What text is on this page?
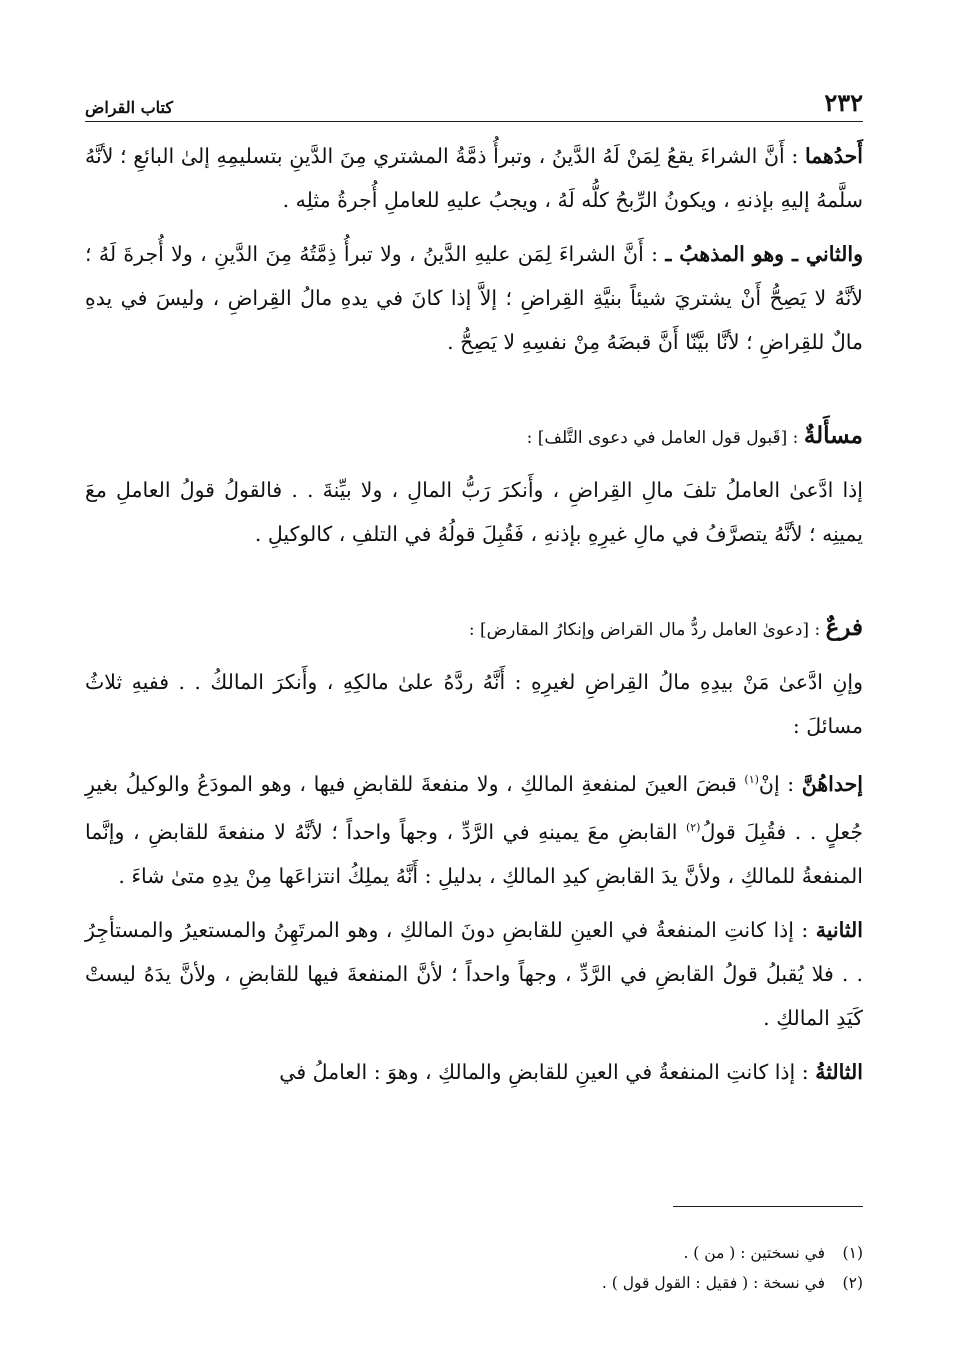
٢٣٢
كتاب القراض

أَحدُهما : أَنَّ الشراءَ يقعُ لِمَنْ لَهُ الدَّينُ ، وتبرأُ ذمَّةُ المشتري مِنَ الدَّينِ بتسليمِهِ إلىٰ البائعِ ؛ لأنَّهُ سلَّمهُ إليهِ بإذنهِ ، ويكونُ الرِّبحُ كلُّه لَهُ ، ويجبُ عليهِ للعاملِ أُجرةُ مثلِه .

والثاني ـ وهو المذهبُ ـ : أَنَّ الشراءَ لِمَن عليهِ الدَّينُ ، ولا تبرأُ ذِمَّتُهُ مِنَ الدَّينِ ، ولا أُجرةَ لَهُ ؛ لأنَّهُ لا يَصِحُّ أَنْ يشتريَ شيئاً بنيَّةِ القِراضِ ؛ إلاَّ إذا كانَ في يدهِ مالُ القِراضِ ، وليسَ في يدهِ مالٌ للقِراضِ ؛ لأنَّا بيَّنّا أَنَّ قبضَهُ مِنْ نفسِهِ لا يَصِحُّ .

مسأَلةٌ : [قَبول قول العامل في دعوى التَّلف] :

إذا ادَّعىٰ العاملُ تلفَ مالِ القِراضِ ، وأَنكرَ رَبُّ المالِ ، ولا بيِّنةَ . . فالقولُ قولُ العاملِ معَ يمينِه ؛ لأنَّهُ يتصرَّفُ في مالِ غيرِهِ بإذنهِ ، فَقُبِلَ قولُهُ في التلفِ ، كالوكيلِ .

فرعٌ : [دعوىٰ العامل ردُّ مال القراض وإنكارُ المقارض] :

وإنِ ادَّعىٰ مَنْ بيدِهِ مالُ القِراضِ لغيرِهِ : أَنَّهُ ردَّهُ علىٰ مالكِهِ ، وأَنكرَ المالكُ . . ففيهِ ثلاثُ مسائلَ :

إحداهُنَّ : إنْ$^{(١)}$ قبضَ العينَ لمنفعةِ المالكِ ، ولا منفعةَ للقابضِ فيها ، وهو المودَعُ والوكيلُ بغيرِ جُعلٍ . . فقُبِلَ قولُ$^{(٢)}$ القابضِ معَ يمينهِ في الرَّدِّ ، وجهاً واحداً ؛ لأنَّهُ لا منفعةَ للقابضِ ، وإنَّما المنفعةُ للمالكِ ، ولأنَّ يدَ القابضِ كيدِ المالكِ ، بدليلِ : أَنَّهُ يملِكُ انتزاعَها مِنْ يدِهِ متىٰ شاءَ .

الثانية : إذا كانتِ المنفعةُ في العينِ للقابضِ دونَ المالكِ ، وهو المرتَهِنُ والمستعيرُ والمستأجِرُ . . فلا يُقبلُ قولُ القابضِ في الرَّدِّ ، وجهاً واحداً ؛ لأنَّ المنفعةَ فيها للقابضِ ، ولأنَّ يدَهُ ليستْ كَيَدِ المالكِ .

الثالثةُ : إذا كانتِ المنفعةُ في العينِ للقابضِ والمالكِ ، وهوَ : العاملُ في

(١)في نسختين : ( من ) .
(٢)في نسخة : ( فقيل : القول قول ) .
